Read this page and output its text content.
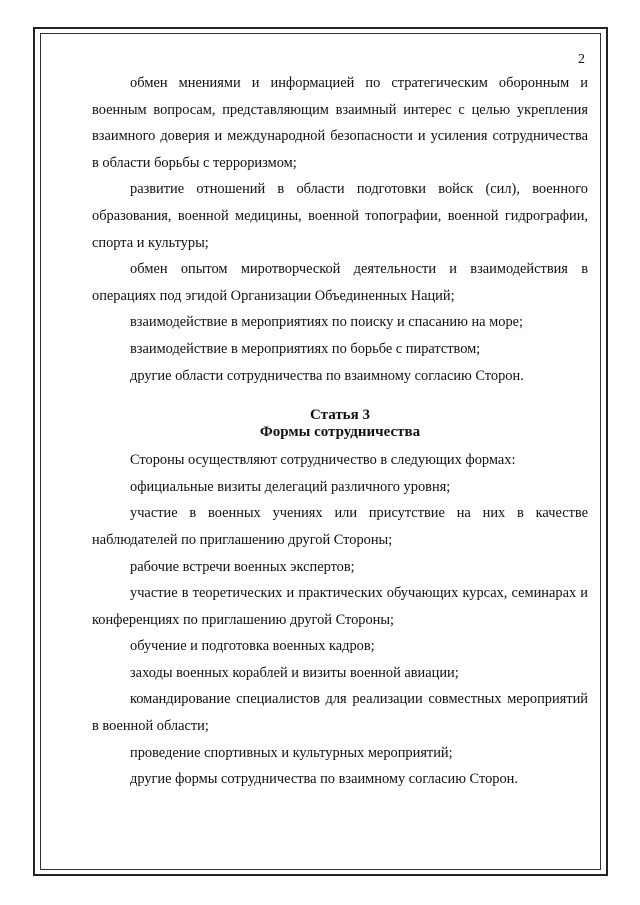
2

обмен мнениями и информацией по стратегическим оборонным и военным вопросам, представляющим взаимный интерес с целью укрепления взаимного доверия и международной безопасности и усиления сотрудничества в области борьбы с терроризмом;

развитие отношений в области подготовки войск (сил), военного образования, военной медицины, военной топографии, военной гидрографии, спорта и культуры;

обмен опытом миротворческой деятельности и взаимодействия в операциях под эгидой Организации Объединенных Наций;

взаимодействие в мероприятиях по поиску и спасанию на море;

взаимодействие в мероприятиях по борьбе с пиратством;

другие области сотрудничества по взаимному согласию Сторон.

Статья 3
Формы сотрудничества

Стороны осуществляют сотрудничество в следующих формах:

официальные визиты делегаций различного уровня;

участие в военных учениях или присутствие на них в качестве наблюдателей по приглашению другой Стороны;

рабочие встречи военных экспертов;

участие в теоретических и практических обучающих курсах, семинарах и конференциях по приглашению другой Стороны;

обучение и подготовка военных кадров;

заходы военных кораблей и визиты военной авиации;

командирование специалистов для реализации совместных мероприятий в военной области;

проведение спортивных и культурных мероприятий;

другие формы сотрудничества по взаимному согласию Сторон.
